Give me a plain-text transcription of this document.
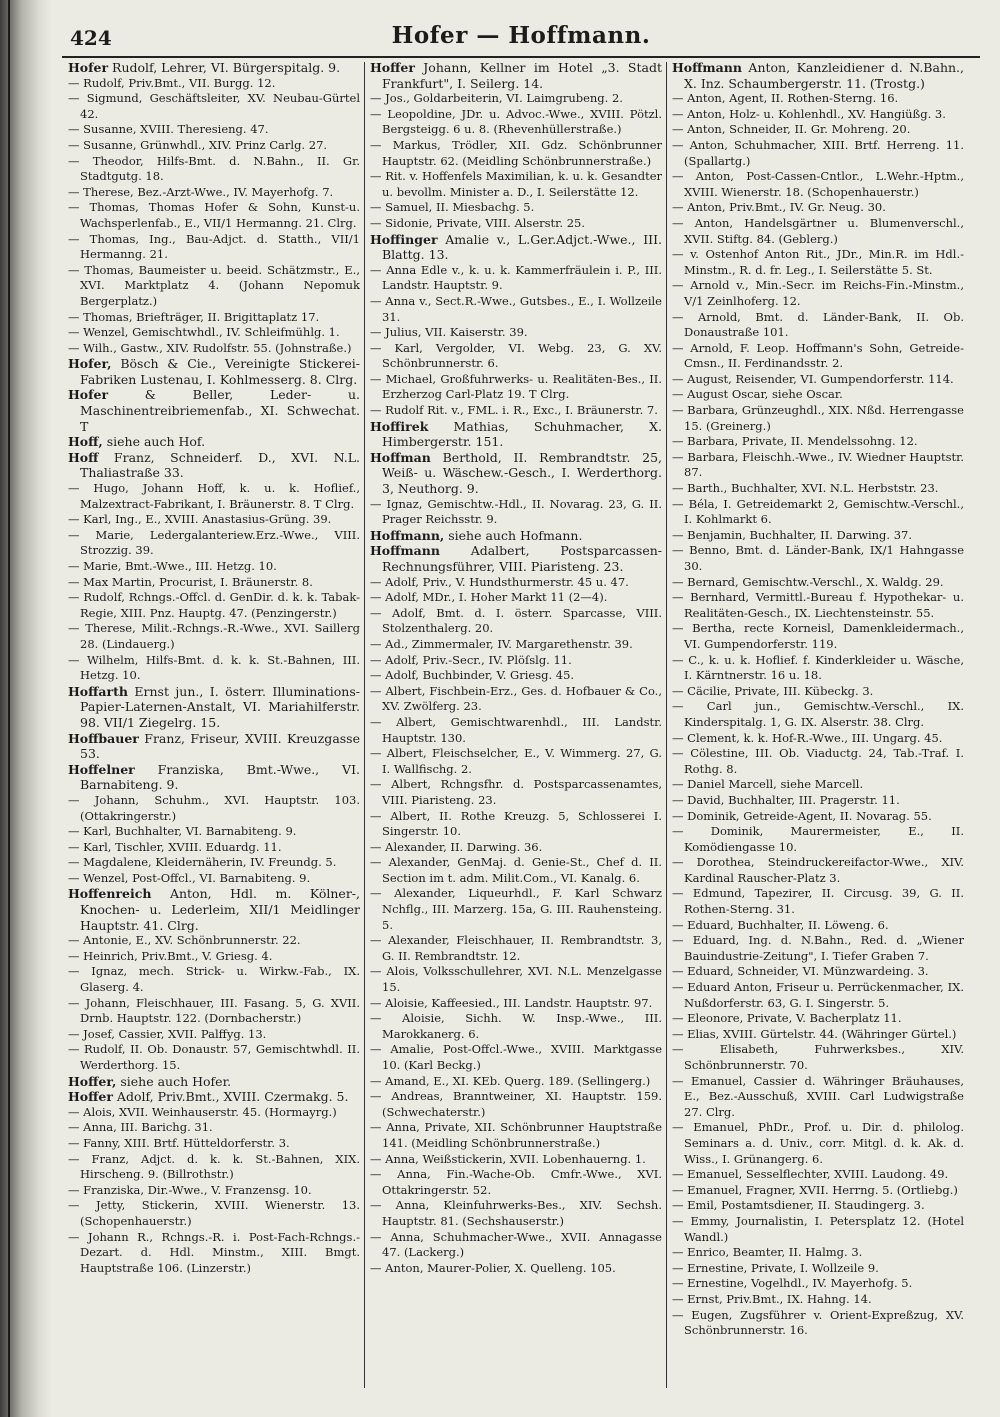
424	Hofer — Hoffmann.

Hofer Rudolf, Lehrer, VI. Bürgerspitalg. 9.

— Rudolf, Priv.Bmt., VII. Burgg. 12.

— Sigmund, Geschäftsleiter, XV. Neubau-Gürtel 42.

— Susanne, XVIII. Theresieng. 47.

— Susanne, Grünwhdl., XIV. Prinz Carlg. 27.

— Theodor, Hilfs-Bmt. d. N.Bahn., II. Gr. Stadtgutg. 18.

— Therese, Bez.-Arzt-Wwe., IV. Mayerhofg. 7.

— Thomas, Thomas Hofer & Sohn, Kunst-u. Wachsperlenfab., E., VII/1 Hermanng. 21. Clrg.

— Thomas, Ing., Bau-Adjct. d. Statth., VII/1 Hermanng. 21.

— Thomas, Baumeister u. beeid. Schätzmstr., E., XVI. Marktplatz 4. (Johann Nepomuk Bergerplatz.)

— Thomas, Briefträger, II. Brigittaplatz 17.

— Wenzel, Gemischtwhdl., IV. Schleifmühlg. 1.

— Wilh., Gastw., XIV. Rudolfstr. 55. (Johnstraße.)

Hofer, Bösch & Cie., Vereinigte Stickerei-Fabriken Lustenau, I. Kohlmesserg. 8. Clrg.

Hofer & Beller, Leder- u. Maschinentreibriemenfab., XI. Schwechat. T

Hoff, siehe auch Hof.

Hoff Franz, Schneiderf. D., XVI. N.L. Thaliastraße 33.

— Hugo, Johann Hoff, k. u. k. Hoflief., Malzextract-Fabrikant, I. Bräunerstr. 8. T Clrg.

— Karl, Ing., E., XVIII. Anastasius-Grüng. 39.

— Marie, Ledergalanteriew.Erz.-Wwe., VIII. Strozzig. 39.

— Marie, Bmt.-Wwe., III. Hetzg. 10.

— Max Martin, Procurist, I. Bräunerstr. 8.

— Rudolf, Rchngs.-Offcl. d. GenDir. d. k. k. Tabak-Regie, XIII. Pnz. Hauptg. 47. (Penzingerstr.)

— Therese, Milit.-Rchngs.-R.-Wwe., XVI. Saillerg 28. (Lindauerg.)

— Wilhelm, Hilfs-Bmt. d. k. k. St.-Bahnen, III. Hetzg. 10.

Hoffarth Ernst jun., I. österr. Illuminations-Papier-Laternen-Anstalt, VI. Mariahilferstr. 98. VII/1 Ziegelrg. 15.

Hoffbauer Franz, Friseur, XVIII. Kreuzgasse 53.

Hoffelner Franziska, Bmt.-Wwe., VI. Barnabiteng. 9.

— Johann, Schuhm., XVI. Hauptstr. 103. (Ottakringerstr.)

— Karl, Buchhalter, VI. Barnabiteng. 9.

— Karl, Tischler, XVIII. Eduardg. 11.

— Magdalene, Kleidernäherin, IV. Freundg. 5.

— Wenzel, Post-Offcl., VI. Barnabiteng. 9.

Hoffenreich Anton, Hdl. m. Kölner-, Knochen- u. Lederleim, XII/1 Meidlinger Hauptstr. 41. Clrg.

— Antonie, E., XV. Schönbrunnerstr. 22.

— Heinrich, Priv.Bmt., V. Griesg. 4.

— Ignaz, mech. Strick- u. Wirkw.-Fab., IX. Glaserg. 4.

— Johann, Fleischhauer, III. Fasang. 5, G. XVII. Drnb. Hauptstr. 122. (Dornbacherstr.)

— Josef, Cassier, XVII. Palffyg. 13.

— Rudolf, II. Ob. Donaustr. 57, Gemischtwhdl. II. Werderthorg. 15.

Hoffer, siehe auch Hofer.

Hoffer Adolf, Priv.Bmt., XVIII. Czermakg. 5.

— Alois, XVII. Weinhauserstr. 45. (Hormayrg.)

— Anna, III. Barichg. 31.

— Fanny, XIII. Brtf. Hütteldorferstr. 3.

— Franz, Adjct. d. k. k. St.-Bahnen, XIX. Hirscheng. 9. (Billrothstr.)

— Franziska, Dir.-Wwe., V. Franzensg. 10.

— Jetty, Stickerin, XVIII. Wienerstr. 13. (Schopenhauerstr.)

— Johann R., Rchngs.-R. i. Post-Fach-Rchngs.-Dezart. d. Hdl. Minstm., XIII. Bmgt. Hauptstraße 106. (Linzerstr.)

Hoffer Johann, Kellner im Hotel „3. Stadt Frankfurt", I. Seilerg. 14.

— Jos., Goldarbeiterin, VI. Laimgrubeng. 2.

— Leopoldine, JDr. u. Advoc.-Wwe., XVIII. Pötzl. Bergsteigg. 6 u. 8. (Rhevenhüllerstraße.)

— Markus, Trödler, XII. Gdz. Schönbrunner Hauptstr. 62. (Meidling Schönbrunnerstraße.)

— Rit. v. Hoffenfels Maximilian, k. u. k. Gesandter u. bevollm. Minister a. D., I. Seilerstätte 12.

— Samuel, II. Miesbachg. 5.

— Sidonie, Private, VIII. Alserstr. 25.

Hoffinger Amalie v., L.Ger.Adjct.-Wwe., III. Blattg. 13.

— Anna Edle v., k. u. k. Kammerfräulein i. P., III. Landstr. Hauptstr. 9.

— Anna v., Sect.R.-Wwe., Gutsbes., E., I. Wollzeile 31.

— Julius, VII. Kaiserstr. 39.

— Karl, Vergolder, VI. Webg. 23, G. XV. Schönbrunnerstr. 6.

— Michael, Großfuhrwerks- u. Realitäten-Bes., II. Erzherzog Carl-Platz 19. T Clrg.

— Rudolf Rit. v., FML. i. R., Exc., I. Bräunerstr. 7.

Hoffirek Mathias, Schuhmacher, X. Himbergerstr. 151.

Hoffman Berthold, II. Rembrandtstr. 25, Weiß- u. Wäschew.-Gesch., I. Werderthorg. 3, Neuthorg. 9.

— Ignaz, Gemischtw.-Hdl., II. Novarag. 23, G. II. Prager Reichsstr. 9.

Hoffmann, siehe auch Hofmann.

Hoffmann Adalbert, Postsparcassen-Rechnungsführer, VIII. Piaristeng. 23.

— Adolf, Priv., V. Hundsthurmerstr. 45 u. 47.

— Adolf, MDr., I. Hoher Markt 11 (2—4).

— Adolf, Bmt. d. I. österr. Sparcasse, VIII. Stolzenthalerg. 20.

— Ad., Zimmermaler, IV. Margarethenstr. 39.

— Adolf, Priv.-Secr., IV. Plöſslg. 11.

— Adolf, Buchbinder, V. Griesg. 45.

— Albert, Fischbein-Erz., Ges. d. Hofbauer & Co., XV. Zwölferg. 23.

— Albert, Gemischtwarenhdl., III. Landstr. Hauptstr. 130.

— Albert, Fleischselcher, E., V. Wimmerg. 27, G. I. Wallfischg. 2.

— Albert, Rchngsfhr. d. Postsparcassenamtes, VIII. Piaristeng. 23.

— Albert, II. Rothe Kreuzg. 5, Schlosserei I. Singerstr. 10.

— Alexander, II. Darwing. 36.

— Alexander, GenMaj. d. Genie-St., Chef d. II. Section im t. adm. Milit.Com., VI. Kanalg. 6.

— Alexander, Liqueurhdl., F. Karl Schwarz Nchflg., III. Marzerg. 15a, G. III. Rauhensteing. 5.

— Alexander, Fleischhauer, II. Rembrandtstr. 3, G. II. Rembrandtstr. 12.

— Alois, Volksschullehrer, XVI. N.L. Menzelgasse 15.

— Aloisie, Kaffeesied., III. Landstr. Hauptstr. 97.

— Aloisie, Sichh. W. Insp.-Wwe., III. Marokkanerg. 6.

— Amalie, Post-Offcl.-Wwe., XVIII. Marktgasse 10. (Karl Beckg.)

— Amand, E., XI. KEb. Querg. 189. (Sellingerg.)

— Andreas, Branntweiner, XI. Hauptstr. 159. (Schwechaterstr.)

— Anna, Private, XII. Schönbrunner Hauptstraße 141. (Meidling Schönbrunnerstraße.)

— Anna, Weißstickerin, XVII. Lobenhauerng. 1.

— Anna, Fin.-Wache-Ob. Cmfr.-Wwe., XVI. Ottakringerstr. 52.

— Anna, Kleinfuhrwerks-Bes., XIV. Sechsh. Hauptstr. 81. (Sechshauserstr.)

— Anna, Schuhmacher-Wwe., XVII. Annagasse 47. (Lackerg.)

— Anton, Maurer-Polier, X. Quelleng. 105.

Hoffmann Anton, Kanzleidiener d. N.Bahn., X. Inz. Schaumbergerstr. 11. (Trostg.)

— Anton, Agent, II. Rothen-Sterng. 16.

— Anton, Holz- u. Kohlenhdl., XV. Hangiüßg. 3.

— Anton, Schneider, II. Gr. Mohreng. 20.

— Anton, Schuhmacher, XIII. Brtf. Herreng. 11. (Spallartg.)

— Anton, Post-Cassen-Cntlor., L.Wehr.-Hptm., XVIII. Wienerstr. 18. (Schopenhauerstr.)

— Anton, Priv.Bmt., IV. Gr. Neug. 30.

— Anton, Handelsgärtner u. Blumenverschl., XVII. Stiftg. 84. (Geblerg.)

— v. Ostenhof Anton Rit., JDr., Min.R. im Hdl.-Minstm., R. d. fr. Leg., I. Seilerstätte 5. St.

— Arnold v., Min.-Secr. im Reichs-Fin.-Minstm., V/1 Zeinlhoferg. 12.

— Arnold, Bmt. d. Länder-Bank, II. Ob. Donaustraße 101.

— Arnold, F. Leop. Hoffmann's Sohn, Getreide-Cmsn., II. Ferdinandsstr. 2.

— August, Reisender, VI. Gumpendorferstr. 114.

— August Oscar, siehe Oscar.

— Barbara, Grünzeughdl., XIX. Nßd. Herrengasse 15. (Greinerg.)

— Barbara, Private, II. Mendelssohng. 12.

— Barbara, Fleischh.-Wwe., IV. Wiedner Hauptstr. 87.

— Barth., Buchhalter, XVI. N.L. Herbststr. 23.

— Béla, I. Getreidemarkt 2, Gemischtw.-Verschl., I. Kohlmarkt 6.

— Benjamin, Buchhalter, II. Darwing. 37.

— Benno, Bmt. d. Länder-Bank, IX/1 Hahngasse 30.

— Bernard, Gemischtw.-Verschl., X. Waldg. 29.

— Bernhard, Vermittl.-Bureau f. Hypothekar- u. Realitäten-Gesch., IX. Liechtensteinstr. 55.

— Bertha, recte Korneisl, Damenkleidermach., VI. Gumpendorferstr. 119.

— C., k. u. k. Hoflief. f. Kinderkleider u. Wäsche, I. Kärntnerstr. 16 u. 18.

— Cäcilie, Private, III. Kübeckg. 3.

— Carl jun., Gemischtw.-Verschl., IX. Kinderspitalg. 1, G. IX. Alserstr. 38. Clrg.

— Clement, k. k. Hof-R.-Wwe., III. Ungarg. 45.

— Cölestine, III. Ob. Viaductg. 24, Tab.-Traf. I. Rothg. 8.

— Daniel Marcell, siehe Marcell.

— David, Buchhalter, III. Pragerstr. 11.

— Dominik, Getreide-Agent, II. Novarag. 55.

— Dominik, Maurermeister, E., II. Komödiengasse 10.

— Dorothea, Steindruckereifactor-Wwe., XIV. Kardinal Rauscher-Platz 3.

— Edmund, Tapezirer, II. Circusg. 39, G. II. Rothen-Sterng. 31.

— Eduard, Buchhalter, II. Löweng. 6.

— Eduard, Ing. d. N.Bahn., Red. d. „Wiener Bauindustrie-Zeitung", I. Tiefer Graben 7.

— Eduard, Schneider, VI. Münzwardeing. 3.

— Eduard Anton, Friseur u. Perrückenmacher, IX. Nußdorferstr. 63, G. I. Singerstr. 5.

— Eleonore, Private, V. Bacherplatz 11.

— Elias, XVIII. Gürtelstr. 44. (Währinger Gürtel.)

— Elisabeth, Fuhrwerksbes., XIV. Schönbrunnerstr. 70.

— Emanuel, Cassier d. Währinger Bräuhauses, E., Bez.-Ausschuß, XVIII. Carl Ludwigstraße 27. Clrg.

— Emanuel, PhDr., Prof. u. Dir. d. philolog. Seminars a. d. Univ., corr. Mitgl. d. k. Ak. d. Wiss., I. Grünangerg. 6.

— Emanuel, Sesselflechter, XVIII. Laudong. 49.

— Emanuel, Fragner, XVII. Herrng. 5. (Ortliebg.)

— Emil, Postamtsdiener, II. Staudingerg. 3.

— Emmy, Journalistin, I. Petersplatz 12. (Hotel Wandl.)

— Enrico, Beamter, II. Halmg. 3.

— Ernestine, Private, I. Wollzeile 9.

— Ernestine, Vogelhdl., IV. Mayerhofg. 5.

— Ernst, Priv.Bmt., IX. Hahng. 14.

— Eugen, Zugsführer v. Orient-Expreßzug, XV. Schönbrunnerstr. 16.
